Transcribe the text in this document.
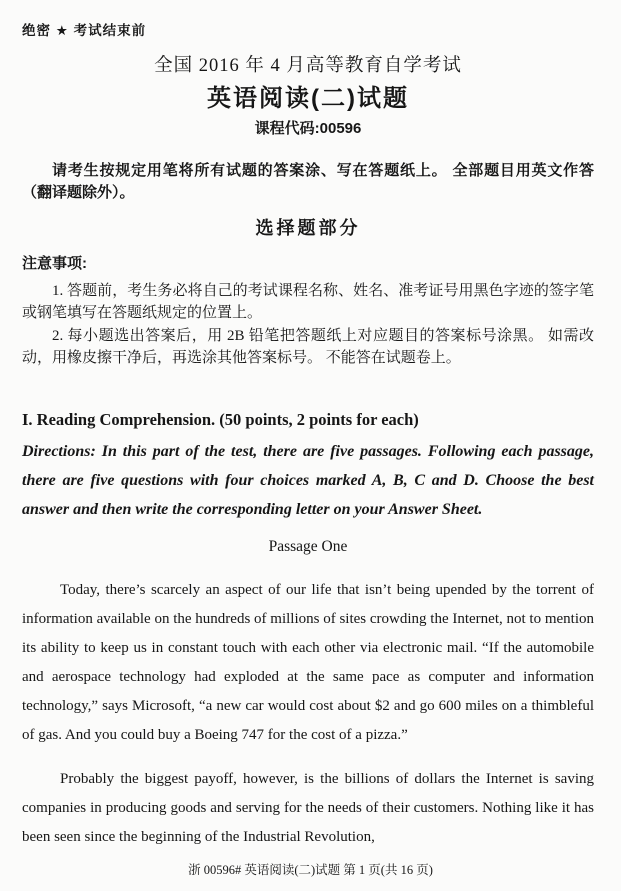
绝密 ★ 考试结束前
全国 2016 年 4 月高等教育自学考试
英语阅读(二)试题
课程代码:00596
请考生按规定用笔将所有试题的答案涂、写在答题纸上。 全部题目用英文作答（翻译题除外）。
选择题部分
注意事项:

1. 答题前，考生务必将自己的考试课程名称、姓名、准考证号用黑色字迹的签字笔或钢笔填写在答题纸规定的位置上。

2. 每小题选出答案后，用 2B 铅笔把答题纸上对应题目的答案标号涂黑。 如需改动，用橡皮擦干净后，再选涂其他答案标号。 不能答在试题卷上。

I. Reading Comprehension. (50 points, 2 points for each)
Directions: In this part of the test, there are five passages. Following each passage, there are five questions with four choices marked A, B, C and D. Choose the best answer and then write the corresponding letter on your Answer Sheet.
Passage One

Today, there’s scarcely an aspect of our life that isn’t being upended by the torrent of information available on the hundreds of millions of sites crowding the Internet, not to mention its ability to keep us in constant touch with each other via electronic mail. “If the automobile and aerospace technology had exploded at the same pace as computer and information technology,” says Microsoft, “a new car would cost about $2 and go 600 miles on a thimbleful of gas. And you could buy a Boeing 747 for the cost of a pizza.”

Probably the biggest payoff, however, is the billions of dollars the Internet is saving companies in producing goods and serving for the needs of their customers. Nothing like it has been seen since the beginning of the Industrial Revolution,

浙 00596# 英语阅读(二)试题 第 1 页(共 16 页)
